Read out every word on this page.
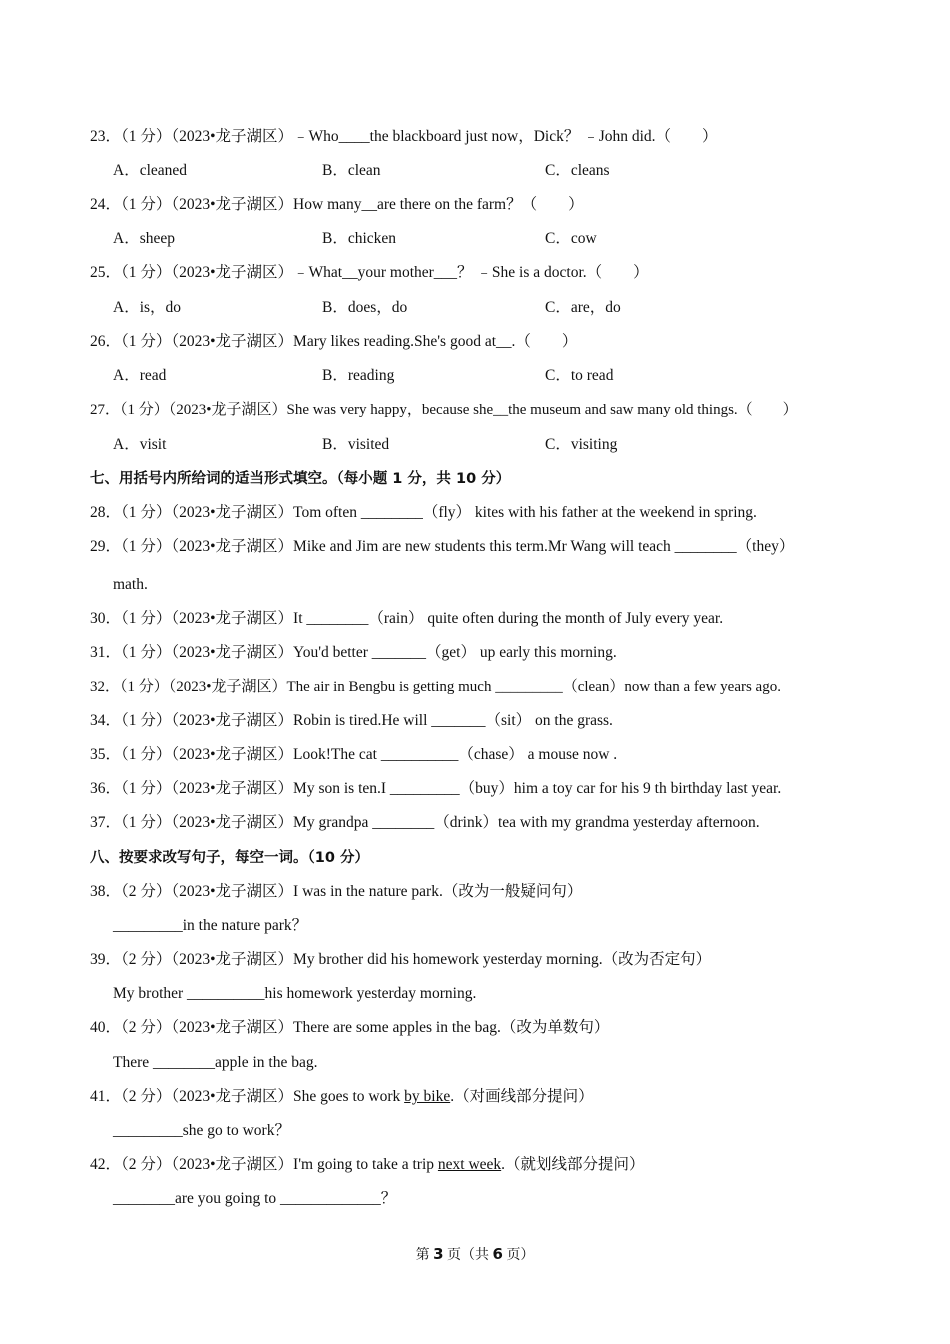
23．（1 分）（2023•龙子湖区）﹣Who____the blackboard just now，Dick？ ﹣John did.（　　）
A．cleaned	B．clean	C．cleans
24．（1 分）（2023•龙子湖区）How many__are there on the farm？（　　）
A．sheep	B．chicken	C．cow
25．（1 分）（2023•龙子湖区）﹣What__your mother___？ ﹣She is a doctor.（　　）
A．is，do	B．does，do	C．are，do
26．（1 分）（2023•龙子湖区）Mary likes reading.She's good at__.（　　）
A．read	B．reading	C．to read
27．（1 分）（2023•龙子湖区）She was very happy，because she__the museum and saw many old things.（　　）
A．visit	B．visited	C．visiting
七、用括号内所给词的适当形式填空。（每小题 1 分，共 10 分）
28．（1 分）（2023•龙子湖区）Tom often ________（fly） kites with his father at the weekend in spring.
29．（1 分）（2023•龙子湖区）Mike and Jim are new students this term.Mr Wang will teach ________（they）
math.
30．（1 分）（2023•龙子湖区）It ________（rain） quite often during the month of July every year.
31．（1 分）（2023•龙子湖区）You'd better _______（get） up early this morning.
32．（1 分）（2023•龙子湖区）The air in Bengbu is getting much _________（clean）now than a few years ago.
34．（1 分）（2023•龙子湖区）Robin is tired.He will _______（sit） on the grass.
35．（1 分）（2023•龙子湖区）Look!The cat __________（chase） a mouse now .
36．（1 分）（2023•龙子湖区）My son is ten.I _________（buy）him a toy car for his 9 th birthday last year.
37．（1 分）（2023•龙子湖区）My grandpa ________（drink）tea with my grandma yesterday afternoon.
八、按要求改写句子，每空一词。（10 分）
38．（2 分）（2023•龙子湖区）I was in the nature park.（改为一般疑问句）
_________in the nature park？
39．（2 分）（2023•龙子湖区）My brother did his homework yesterday morning.（改为否定句）
My brother __________his homework yesterday morning.
40．（2 分）（2023•龙子湖区）There are some apples in the bag.（改为单数句）
There ________apple in the bag.
41．（2 分）（2023•龙子湖区）She goes to work by bike.（对画线部分提问）
_________she go to work？
42．（2 分）（2023•龙子湖区）I'm going to take a trip next week.（就划线部分提问）
________are you going to _____________？
第 3 页（共 6 页）
